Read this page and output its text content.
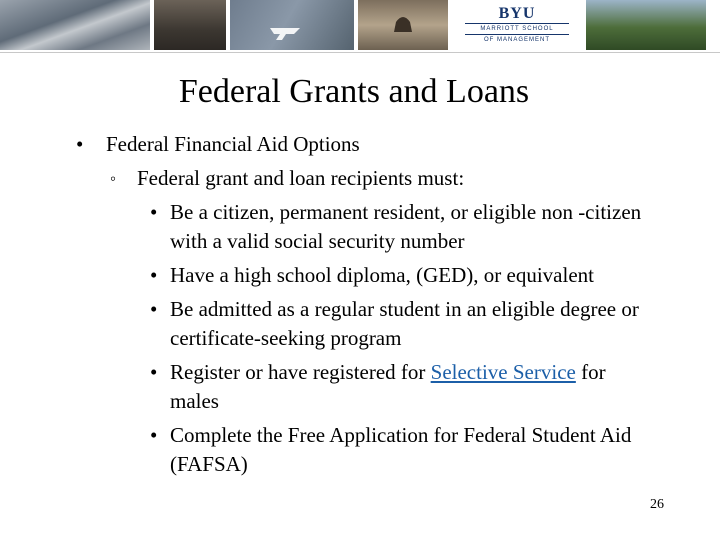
BYU
MARRIOTT SCHOOL
OF MANAGEMENT
Federal Grants and Loans
• Federal Financial Aid Options
◦ Federal grant and loan recipients must:
• Be a citizen, permanent resident, or eligible non -citizen with a valid social security number
• Have a high school diploma, (GED), or equivalent
• Be admitted as a regular student in an eligible degree or certificate-seeking program
• Register or have registered for Selective Service for males
• Complete the Free Application for Federal Student Aid (FAFSA)
26
